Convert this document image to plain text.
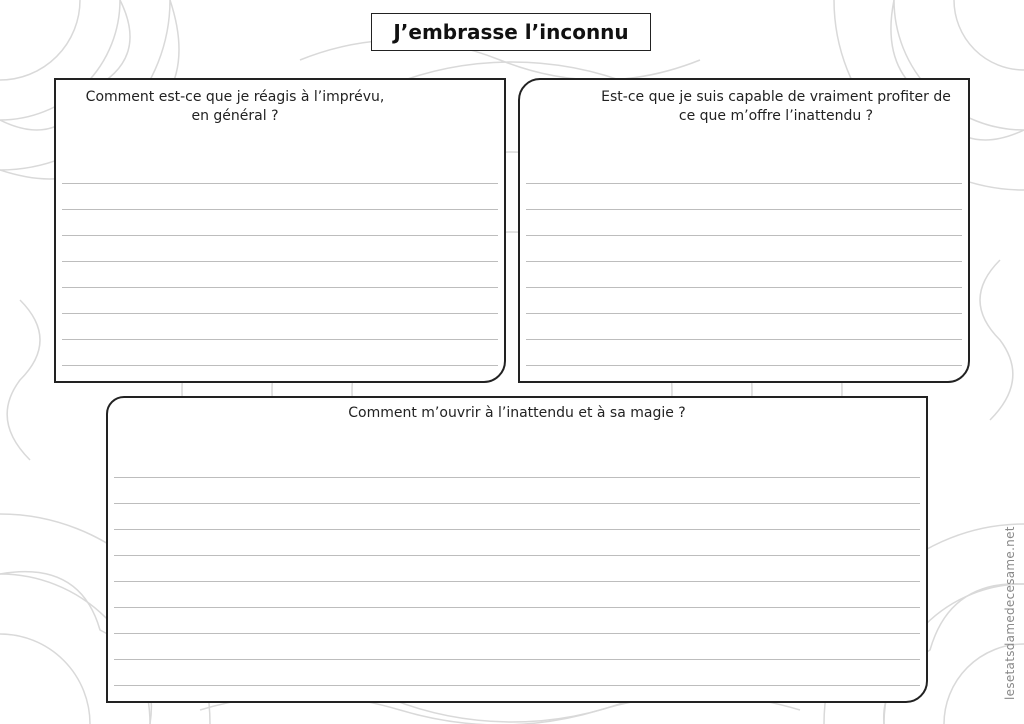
J’embrasse l’inconnu
Comment est-ce que je réagis à l’imprévu,
en général ?
Est-ce que je suis capable de vraiment profiter de
ce que m’offre l’inattendu ?
Comment m’ouvrir à l’inattendu et à sa magie ?
lesetatsdamedecesame.net
